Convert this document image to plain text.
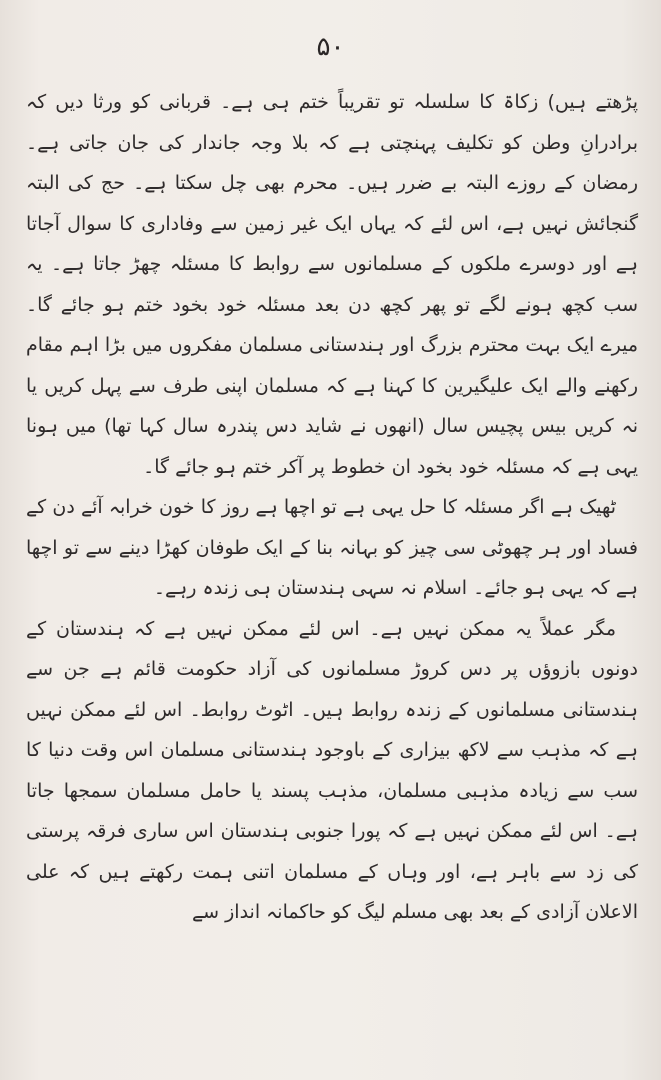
۵۰

پڑھتے ہیں) زکاۃ کا سلسلہ تو تقریباً ختم ہی ہے۔ قربانی کو ورثا دیں کہ برادرانِ وطن کو تکلیف پہنچتی ہے کہ بلا وجہ جاندار کی جان جاتی ہے۔ رمضان کے روزے البتہ بے ضرر ہیں۔ محرم بھی چل سکتا ہے۔ حج کی البتہ گنجائش نہیں ہے، اس لئے کہ یہاں ایک غیر زمین سے وفاداری کا سوال آجاتا ہے اور دوسرے ملکوں کے مسلمانوں سے روابط کا مسئلہ چھڑ جاتا ہے۔ یہ سب کچھ ہونے لگے تو پھر کچھ دن بعد مسئلہ خود بخود ختم ہو جائے گا۔ میرے ایک بہت محترم بزرگ اور ہندستانی مسلمان مفکروں میں بڑا اہم مقام رکھنے والے ایک علیگیرین کا کہنا ہے کہ مسلمان اپنی طرف سے پہل کریں یا نہ کریں بیس پچیس سال (انھوں نے شاید دس پندرہ سال کہا تھا) میں ہونا یہی ہے کہ مسئلہ خود بخود ان خطوط پر آکر ختم ہو جائے گا۔

ٹھیک ہے اگر مسئلہ کا حل یہی ہے تو اچھا ہے روز کا خون خرابہ آئے دن کے فساد اور ہر چھوٹی سی چیز کو بہانہ بنا کے ایک طوفان کھڑا دینے سے تو اچھا ہے کہ یہی ہو جائے۔ اسلام نہ سہی ہندستان ہی زندہ رہے۔

مگر عملاً یہ ممکن نہیں ہے۔ اس لئے ممکن نہیں ہے کہ ہندستان کے دونوں بازوؤں پر دس کروڑ مسلمانوں کی آزاد حکومت قائم ہے جن سے ہندستانی مسلمانوں کے زندہ روابط ہیں۔ اٹوٹ روابط۔ اس لئے ممکن نہیں ہے کہ مذہب سے لاکھ بیزاری کے باوجود ہندستانی مسلمان اس وقت دنیا کا سب سے زیادہ مذہبی مسلمان، مذہب پسند یا حامل مسلمان سمجھا جاتا ہے۔ اس لئے ممکن نہیں ہے کہ پورا جنوبی ہندستان اس ساری فرقہ پرستی کی زد سے باہر ہے، اور وہاں کے مسلمان اتنی ہمت رکھتے ہیں کہ علی الاعلان آزادی کے بعد بھی مسلم لیگ کو حاکمانہ انداز سے
